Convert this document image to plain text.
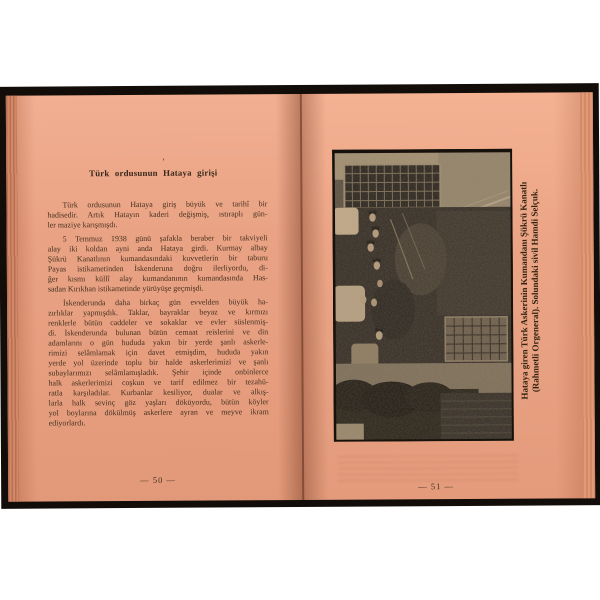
’
Türk ordusunun Hataya girişi
Türk ordusunun Hataya giriş büyük ve tarihî bir
hadisedir. Artık Hatayın kaderi değişmiş, ıstıraplı gün-
ler maziye karışmışdı.
5 Temmuz 1938 günü şafakla beraber bir takviyeli
alay iki koldan ayni anda Hataya girdi. Kurmay albay
Şükrü Kanatlının kumandasındaki kuvvetlerin bir taburu
Payas istikametinden İskenderuna doğru ilerliyordu, di-
ğer kısmı küllî alay kumandanının kumandasında Has-
sadan Kırıkhan istikametinde yürüyüşe geçmişdi.
İskenderunda daha birkaç gün evvelden büyük ha-
zırlıklar yapmışdık. Taklar, bayraklar beyaz ve kırmızı
renklerle bütün caddeler ve sokaklar ve evler süslenmiş-
di. İskenderunda bulunan bütün cemaat reislerini ve din
adamlarını o gün hududa yakın bir yerde şanlı askerle-
rimizi selâmlamak için davet etmişdim, hududa yakın
yerde yol üzerinde toplu bir halde askerlerimizi ve şanlı
subaylarımızı selâmlamışladık. Şehir içinde onbinlerce
halk askerlerimizi coşkun ve tarif edilmez bir tezahü-
ratla karşıladılar. Kurbanlar kesiliyor, dualar ve alkış-
larla halk sevinç göz yaşları döküyordu, bütün köyler
yol boylarına dökülmüş askerlere ayran ve meyve ikram
ediyorlardı.
— 50 —
Hataya giren Türk Askerinin Kumandanı Şükrü Kanatlı (Rahmetli Orgeneral). Solundaki sivil Hamdi Selçuk.
— 51 —
